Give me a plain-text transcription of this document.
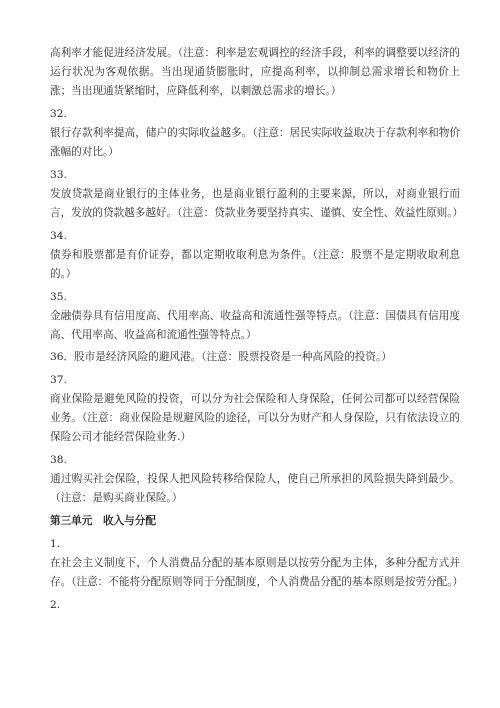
高利率才能促进经济发展。（注意：利率是宏观调控的经济手段，利率的调整要以经济的运行状况为客观依据。当出现通货膨胀时，应提高利率，以抑制总需求增长和物价上涨；当出现通货紧缩时，应降低利率，以刺激总需求的增长。）

32.

银行存款利率提高，储户的实际收益越多。（注意：居民实际收益取决于存款利率和物价涨幅的对比。）

33.

发放贷款是商业银行的主体业务，也是商业银行盈利的主要来源，所以，对商业银行而言，发放的贷款越多越好。（注意：贷款业务要坚持真实、谨慎、安全性、效益性原则。）

34.

债券和股票都是有价证券，都以定期收取利息为条件。（注意：股票不是定期收取利息的。）

35.

金融债券具有信用度高、代用率高、收益高和流通性强等特点。（注意：国债具有信用度高、代用率高、收益高和流通性强等特点。）

36．股市是经济风险的避风港。（注意：股票投资是一种高风险的投资。）

37.

商业保险是避免风险的投资，可以分为社会保险和人身保险，任何公司都可以经营保险业务。（注意：商业保险是规避风险的途径，可以分为财产和人身保险，只有依法设立的保险公司才能经营保险业务.）

38.

通过购买社会保险，投保人把风险转移给保险人，使自己所承担的风险损失降到最少。（注意：是购买商业保险。）

第三单元　收入与分配

1.

在社会主义制度下，个人消费品分配的基本原则是以按劳分配为主体，多种分配方式并存。（注意：不能将分配原则等同于分配制度，个人消费品分配的基本原则是按劳分配。）

2.
